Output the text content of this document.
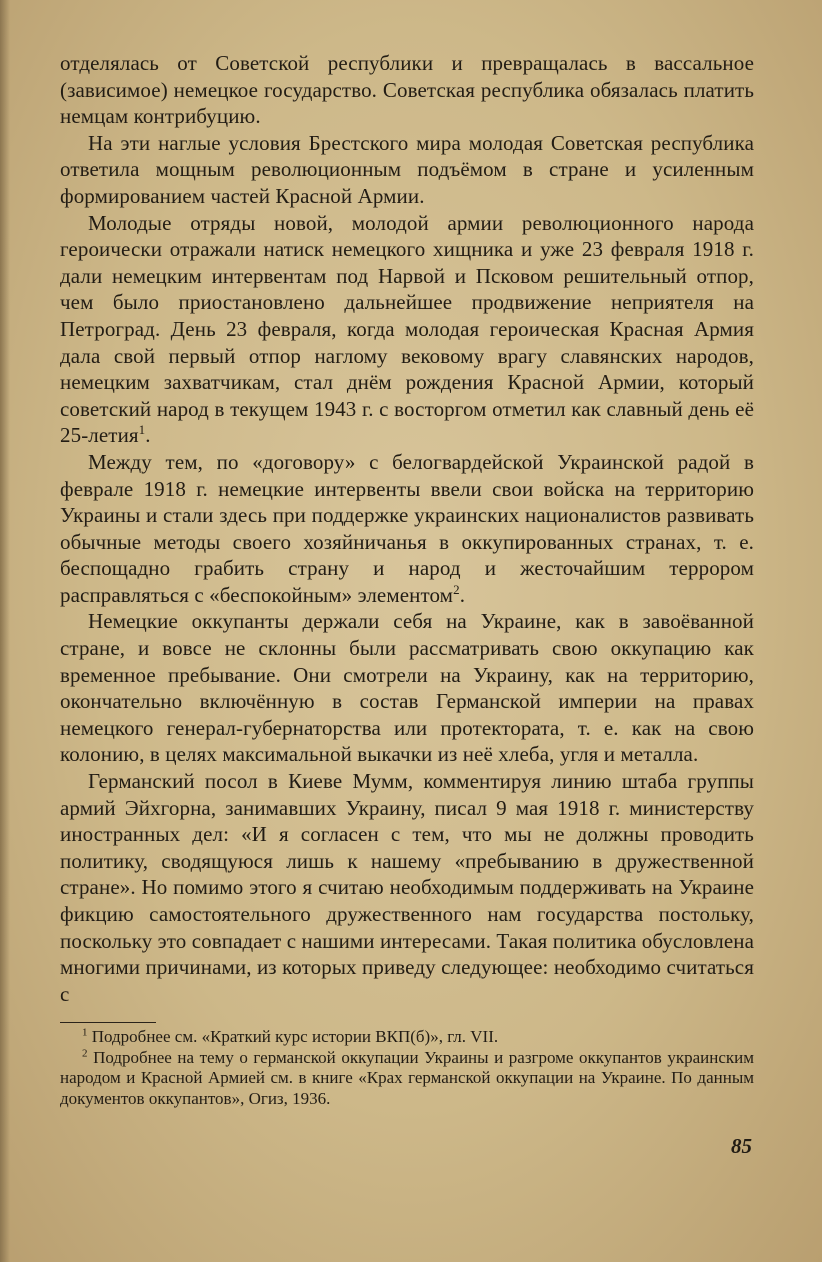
отделялась от Советской республики и превращалась в вассальное (зависимое) немецкое государство. Советская республика обязалась платить немцам контрибуцию.

На эти наглые условия Брестского мира молодая Советская республика ответила мощным революционным подъёмом в стране и усиленным формированием частей Красной Армии.

Молодые отряды новой, молодой армии революционного народа героически отражали натиск немецкого хищника и уже 23 февраля 1918 г. дали немецким интервентам под Нарвой и Псковом решительный отпор, чем было приостановлено дальнейшее продвижение неприятеля на Петроград. День 23 февраля, когда молодая героическая Красная Армия дала свой первый отпор наглому вековому врагу славянских народов, немецким захватчикам, стал днём рождения Красной Армии, который советский народ в текущем 1943 г. с восторгом отметил как славный день её 25-летия$^1$.

Между тем, по «договору» с белогвардейской Украинской радой в феврале 1918 г. немецкие интервенты ввели свои войска на территорию Украины и стали здесь при поддержке украинских националистов развивать обычные методы своего хозяйничанья в оккупированных странах, т. е. беспощадно грабить страну и народ и жесточайшим террором расправляться с «беспокойным» элементом$^2$.

Немецкие оккупанты держали себя на Украине, как в завоёванной стране, и вовсе не склонны были рассматривать свою оккупацию как временное пребывание. Они смотрели на Украину, как на территорию, окончательно включённую в состав Германской империи на правах немецкого генерал-губернаторства или протектората, т. е. как на свою колонию, в целях максимальной выкачки из неё хлеба, угля и металла.

Германский посол в Киеве Мумм, комментируя линию штаба группы армий Эйхгорна, занимавших Украину, писал 9 мая 1918 г. министерству иностранных дел: «И я согласен с тем, что мы не должны проводить политику, сводящуюся лишь к нашему «пребыванию в дружественной стране». Но помимо этого я считаю необходимым поддерживать на Украине фикцию самостоятельного дружественного нам государства постольку, поскольку это совпадает с нашими интересами. Такая политика обусловлена многими причинами, из которых приведу следующее: необходимо считаться с

$^1$ Подробнее см. «Краткий курс истории ВКП(б)», гл. VII.

$^2$ Подробнее на тему о германской оккупации Украины и разгроме оккупантов украинским народом и Красной Армией см. в книге «Крах германской оккупации на Украине. По данным документов оккупантов», Огиз, 1936.

85
